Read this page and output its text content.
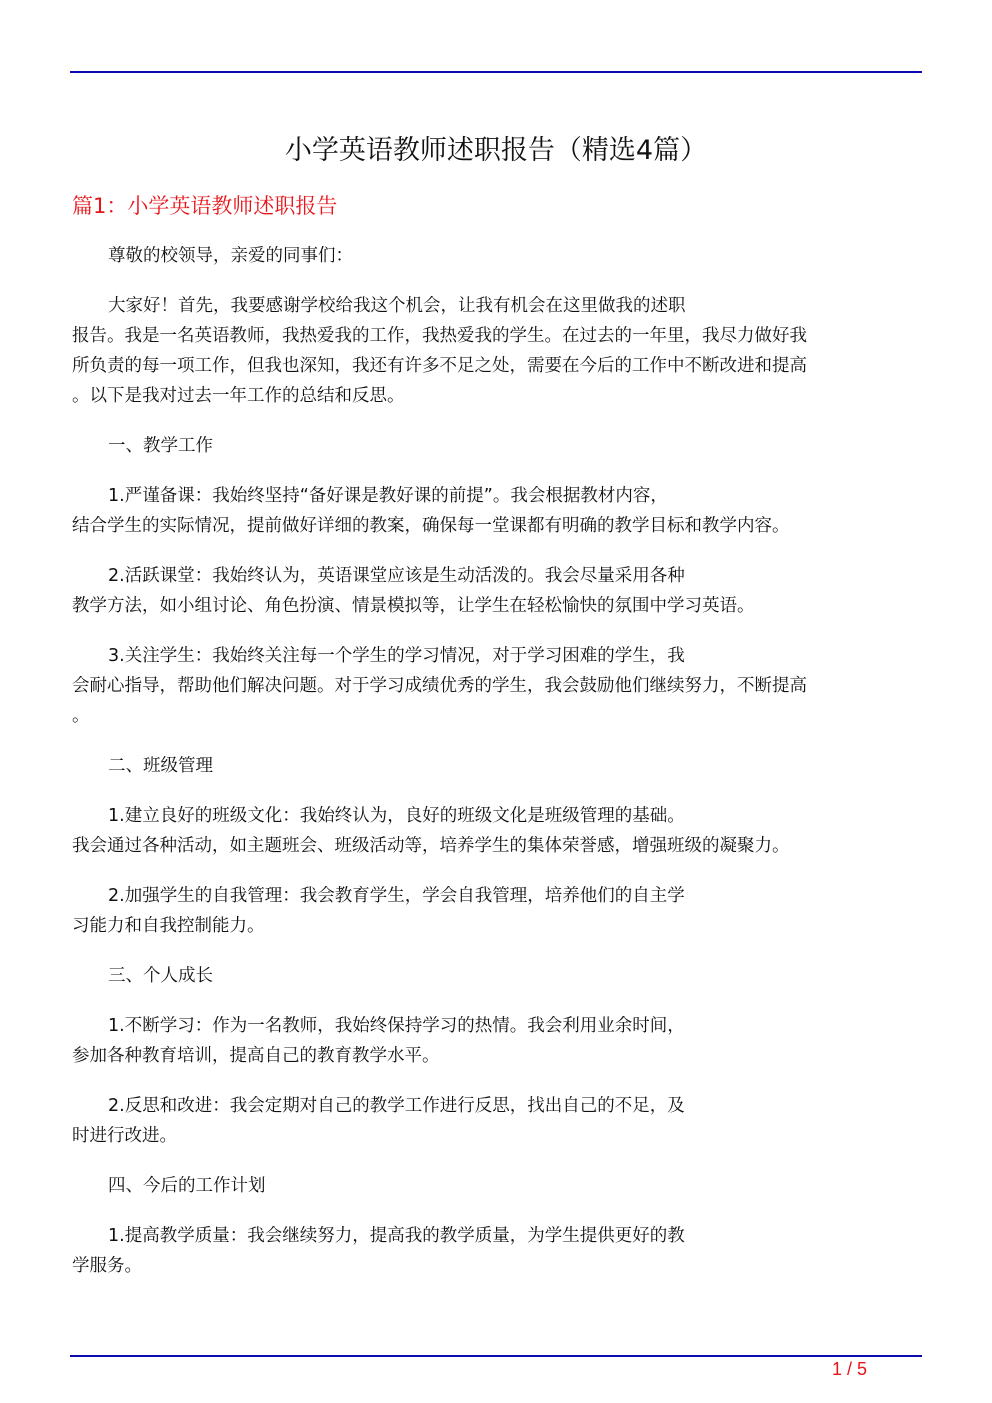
小学英语教师述职报告（精选4篇）
篇1：小学英语教师述职报告
尊敬的校领导，亲爱的同事们：
大家好！首先，我要感谢学校给我这个机会，让我有机会在这里做我的述职
报告。我是一名英语教师，我热爱我的工作，我热爱我的学生。在过去的一年里，我尽力做好我
所负责的每一项工作，但我也深知，我还有许多不足之处，需要在今后的工作中不断改进和提高
。以下是我对过去一年工作的总结和反思。
一、教学工作
1.严谨备课：我始终坚持“备好课是教好课的前提”。我会根据教材内容，
结合学生的实际情况，提前做好详细的教案，确保每一堂课都有明确的教学目标和教学内容。
2.活跃课堂：我始终认为，英语课堂应该是生动活泼的。我会尽量采用各种
教学方法，如小组讨论、角色扮演、情景模拟等，让学生在轻松愉快的氛围中学习英语。
3.关注学生：我始终关注每一个学生的学习情况，对于学习困难的学生，我
会耐心指导，帮助他们解决问题。对于学习成绩优秀的学生，我会鼓励他们继续努力，不断提高
。
二、班级管理
1.建立良好的班级文化：我始终认为，良好的班级文化是班级管理的基础。
我会通过各种活动，如主题班会、班级活动等，培养学生的集体荣誉感，增强班级的凝聚力。
2.加强学生的自我管理：我会教育学生，学会自我管理，培养他们的自主学
习能力和自我控制能力。
三、个人成长
1.不断学习：作为一名教师，我始终保持学习的热情。我会利用业余时间，
参加各种教育培训，提高自己的教育教学水平。
2.反思和改进：我会定期对自己的教学工作进行反思，找出自己的不足，及
时进行改进。
四、今后的工作计划
1.提高教学质量：我会继续努力，提高我的教学质量，为学生提供更好的教
学服务。
1 / 5
